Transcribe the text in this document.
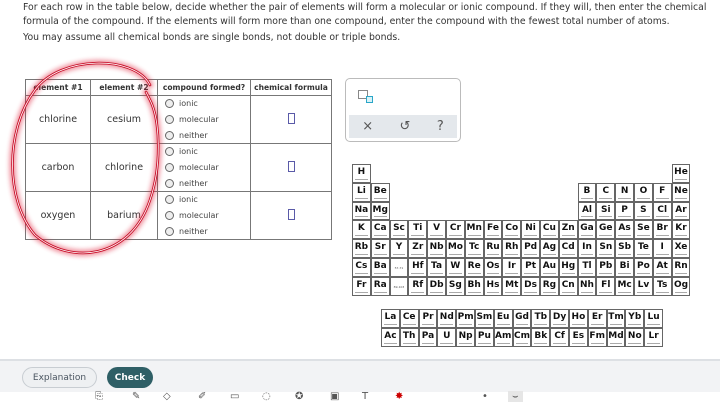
For each row in the table below, decide whether the pair of elements will form a molecular or ionic compound. If they will, then enter the chemical formula of the compound. If the elements will form more than one compound, enter the compound with the fewest total number of atoms.
You may assume all chemical bonds are single bonds, not double or triple bonds.
element #1	element #2	compound formed?	chemical formula
chlorine	cesium	ionic
molecular
neither	

carbon	chlorine	ionic
molecular
neither	

oxygen	barium	ionic
molecular
neither	

× ↺ ?
H	He
Li Be	B	C	N	O	F Ne
Na Mg	Al Si	P	S	Cl Ar
K Ca Sc Ti	V	Cr Mn Fe Co Ni Cu Zn Ga Ge As Se Br Kr
Rb Sr	Y	Zr Nb Mo Tc Ru Rh Pd Ag Cd In Sn Sb Te	I	Xe
Cs Ba	57-71 Hf Ta W Re Os Ir	Pt Au Hg Tl Pb Bi Po At Rn
Fr Ra	89-103 Rf Db Sg Bh Hs Mt Ds Rg Cn Nh Fl Mc Lv Ts Og
La Ce Pr Nd Pm Sm Eu Gd Tb Dy Ho Er Tm Yb Lu
Ac Th Pa U Np Pu Am Cm Bk Cf Es Fm Md No Lr
Explanation	Check
⎘	✎ ◇	✐ ▭ ◌ ✪	▣ T	✸	•	⌣
